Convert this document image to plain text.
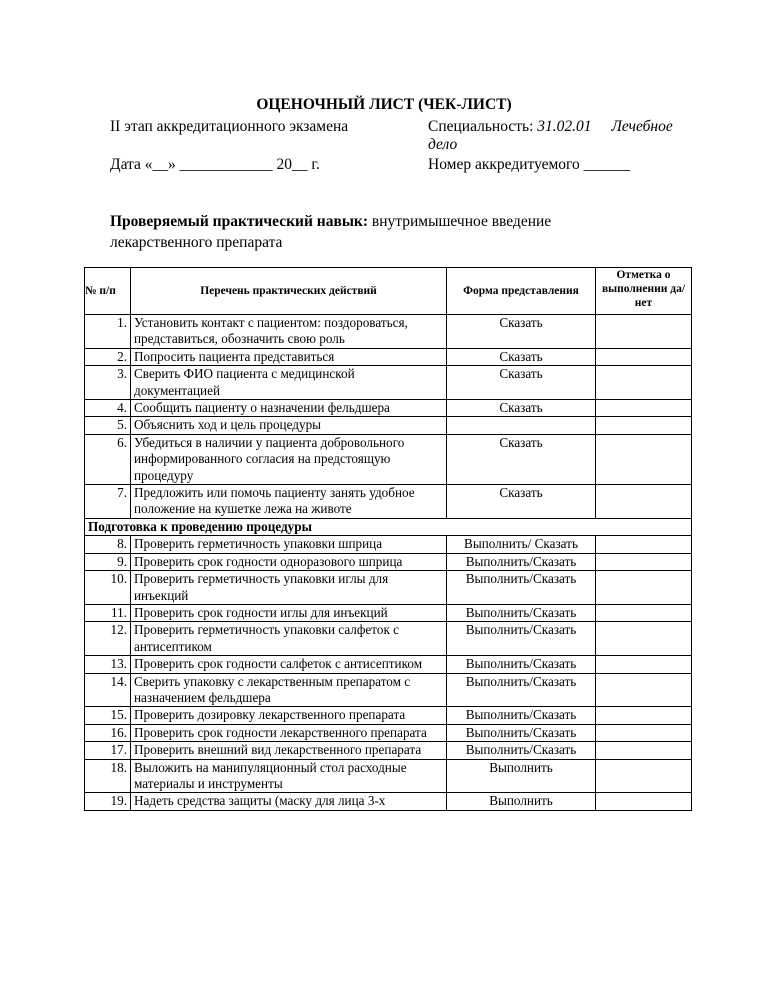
ОЦЕНОЧНЫЙ ЛИСТ (ЧЕК-ЛИСТ)
II этап аккредитационного экзамена	Специальность: 31.02.01 Лечебное
дело
Дата «__» ____________ 20__ г.	Номер аккредитуемого ______
Проверяемый практический навык: внутримышечное введение
лекарственного препарата
№ п/п	Перечень практических действий	Форма представления	Отметка о выполнении да/нет
1.	Установить контакт с пациентом: поздороваться, представиться, обозначить свою роль	Сказать	
2.	Попросить пациента представиться	Сказать	
3.	Сверить ФИО пациента с медицинской документацией	Сказать	
4.	Сообщить пациенту о назначении фельдшера	Сказать	
5.	Объяснить ход и цель процедуры		
6.	Убедиться в наличии у пациента добровольного информированного согласия на предстоящую процедуру	Сказать	
7.	Предложить или помочь пациенту занять удобное положение на кушетке лежа на животе	Сказать	
Подготовка к проведению процедуры			
8.	Проверить герметичность упаковки шприца	Выполнить/ Сказать	
9.	Проверить срок годности одноразового шприца	Выполнить/Сказать	
10.	Проверить герметичность упаковки иглы для инъекций	Выполнить/Сказать	
11.	Проверить срок годности иглы для инъекций	Выполнить/Сказать	
12.	Проверить герметичность упаковки салфеток с антисептиком	Выполнить/Сказать	
13.	Проверить срок годности салфеток с антисептиком	Выполнить/Сказать	
14.	Сверить упаковку с лекарственным препаратом с назначением фельдшера	Выполнить/Сказать	
15.	Проверить дозировку лекарственного препарата	Выполнить/Сказать	
16.	Проверить срок годности лекарственного препарата	Выполнить/Сказать	
17.	Проверить внешний вид лекарственного препарата	Выполнить/Сказать	
18.	Выложить на манипуляционный стол расходные материалы и инструменты	Выполнить	
19.	Надеть средства защиты (маску для лица 3-х	Выполнить	
